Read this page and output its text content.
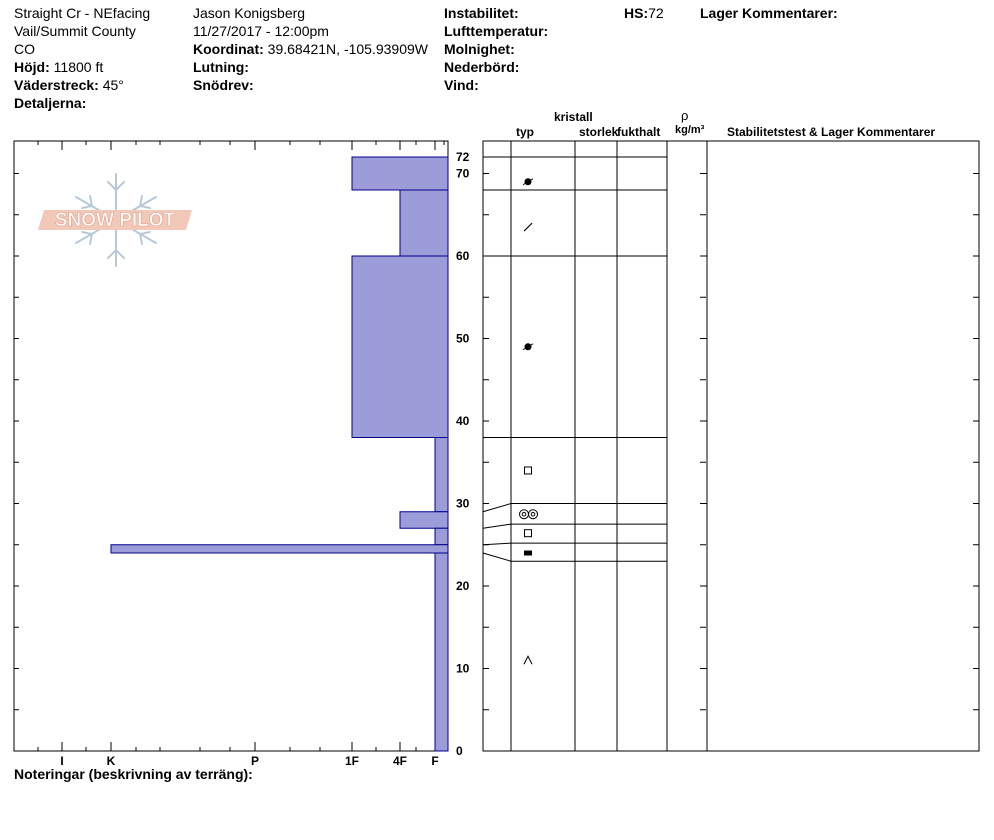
Straight Cr - NEfacing
Vail/Summit County
CO
Höjd: 11800 ft
Väderstreck: 45°
Detaljerna:
Jason Konigsberg
11/27/2017 - 12:00pm
Koordinat: 39.68421N, -105.93909W
Lutning:
Snödrev:
Instabilitet:
Lufttemperatur:
Molnighet:
Nederbörd:
Vind:
HS:72	Lager Kommentarer:
kristall
typ	storlek
fukthalt
ρ
kg/m³ Stabilitetstest & Lager Kommentarer
Noteringar (beskrivning av terräng):
SNOW PILOT
0
10
20
30
40
50
60
70
72
I	K	P	1F	4F F
